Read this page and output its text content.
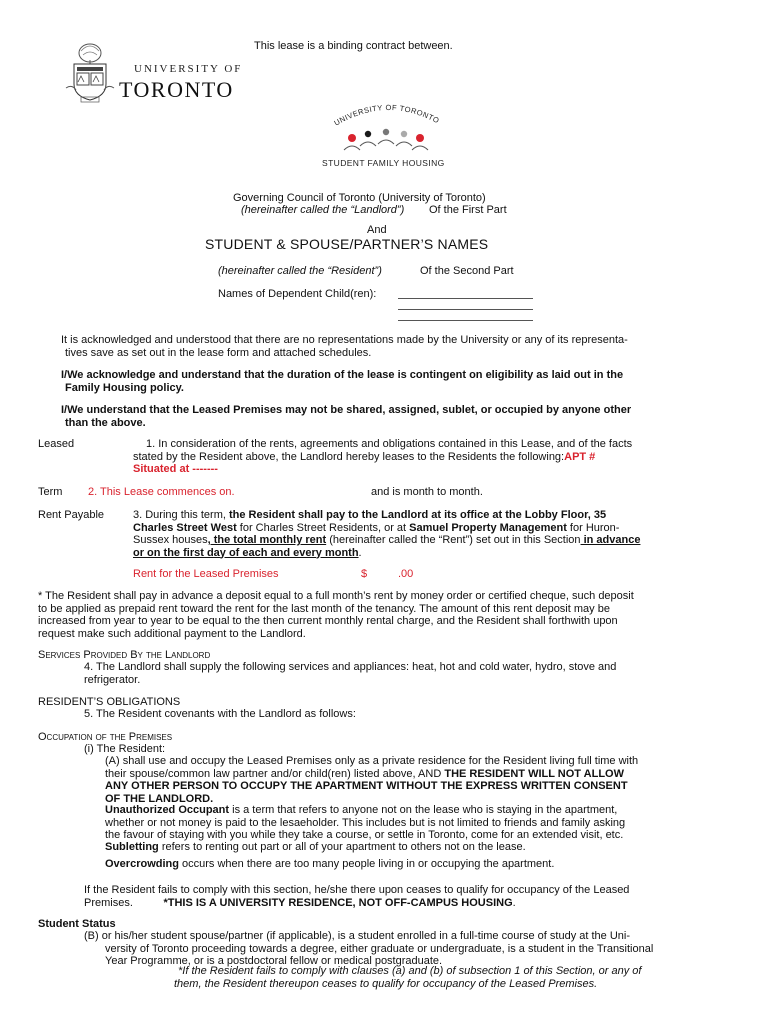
This lease is a binding contract between.
UNIVERSITY OF
TORONTO
UNIVERSITY OF TORONTO
STUDENT FAMILY HOUSING
Governing Council of Toronto (University of Toronto)
(hereinafter called the “Landlord”) Of the First Part
And
STUDENT & SPOUSE/PARTNER’S NAMES
(hereinafter called the “Resident”)	Of the Second Part
Names of Dependent Child(ren):
It is acknowledged and understood that there are no representations made by the University or any of its representa-
tives save as set out in the lease form and attached schedules.
I/We acknowledge and understand that the duration of the lease is contingent on eligibility as laid out in the
Family Housing policy.
I/We understand that the Leased Premises may not be shared, assigned, sublet, or occupied by anyone other
than the above.
Leased	1. In consideration of the rents, agreements and obligations contained in this Lease, and of the facts
stated by the Resident above, the Landlord hereby leases to the Residents the following:APT #
Situated at -------
Term 2. This Lease commences on.	and is month to month.
Rent Payable	3. During this term, the Resident shall pay to the Landlord at its office at the Lobby Floor, 35
Charles Street West for Charles Street Residents, or at Samuel Property Management for Huron-
Sussex houses, the total monthly rent (hereinafter called the “Rent”) set out in this Section in advance
or on the first day of each and every month.
Rent for the Leased Premises	$	.00
* The Resident shall pay in advance a deposit equal to a full month’s rent by money order or certified cheque, such deposit
to be applied as prepaid rent toward the rent for the last month of the tenancy. The amount of this rent deposit may be
increased from year to year to be equal to the then current monthly rental charge, and the Resident shall forthwith upon
request make such additional payment to the Landlord.
Services Provided By the Landlord
4. The Landlord shall supply the following services and appliances: heat, hot and cold water, hydro, stove and
refrigerator.
RESIDENT’S OBLIGATIONS
5. The Resident covenants with the Landlord as follows:
Occupation of the Premises
(i) The Resident:
(A) shall use and occupy the Leased Premises only as a private residence for the Resident living full time with
their spouse/common law partner and/or child(ren) listed above, AND THE RESIDENT WILL NOT ALLOW
ANY OTHER PERSON TO OCCUPY THE APARTMENT WITHOUT THE EXPRESS WRITTEN CONSENT
OF THE LANDLORD.
Unauthorized Occupant is a term that refers to anyone not on the lease who is staying in the apartment,
whether or not money is paid to the lesaeholder. This includes but is not limited to friends and family asking
the favour of staying with you while they take a course, or settle in Toronto, come for an extended visit, etc.
Subletting refers to renting out part or all of your apartment to others not on the lease.
Overcrowding occurs when there are too many people living in or occupying the apartment.
If the Resident fails to comply with this section, he/she there upon ceases to qualify for occupancy of the Leased
Premises.          *THIS IS A UNIVERSITY RESIDENCE, NOT OFF-CAMPUS HOUSING.
Student Status
(B) or his/her student spouse/partner (if applicable), is a student enrolled in a full-time course of study at the Uni-
versity of Toronto proceeding towards a degree, either graduate or undergraduate, is a student in the Transitional
Year Programme, or is a postdoctoral fellow or medical postgraduate.
*If the Resident fails to comply with clauses (a) and (b) of subsection 1 of this Section, or any of
them, the Resident thereupon ceases to qualify for occupancy of the Leased Premises.
